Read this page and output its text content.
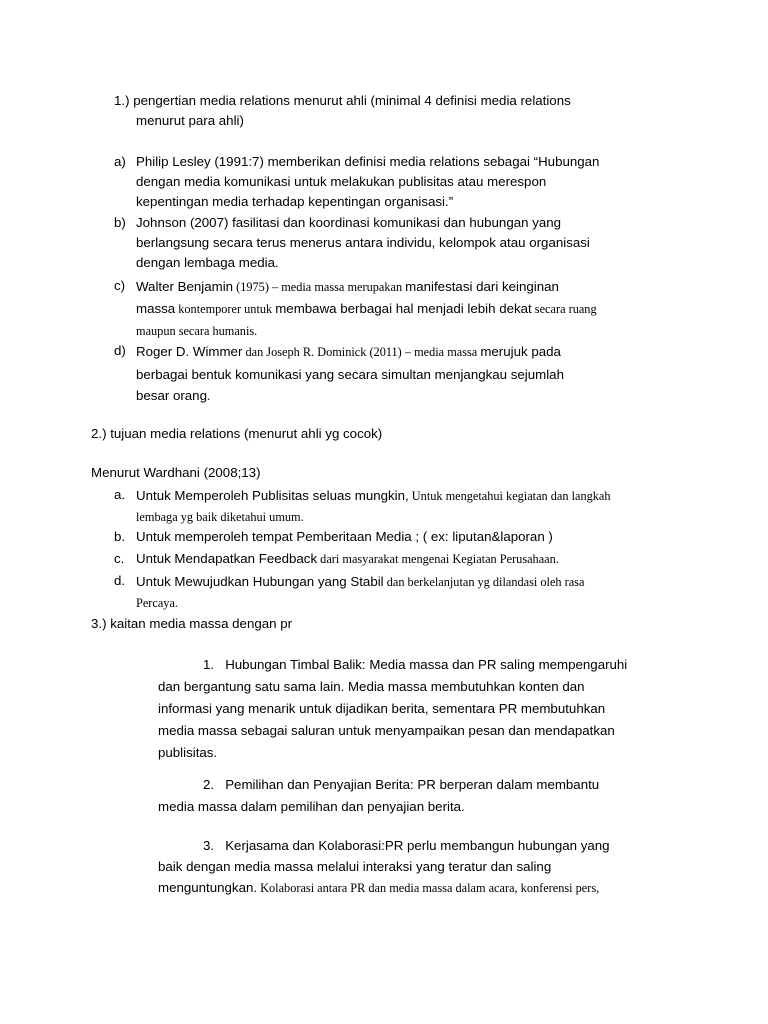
1.) pengertian media relations menurut ahli (minimal 4 definisi media relations

menurut para ahli)

a) Philip Lesley (1991:7) memberikan definisi media relations sebagai “Hubungan

dengan media komunikasi untuk melakukan publisitas atau merespon

kepentingan media terhadap kepentingan organisasi.”

b) Johnson (2007) fasilitasi dan koordinasi komunikasi dan hubungan yang

berlangsung secara terus menerus antara individu, kelompok atau organisasi

dengan lembaga media.

c) Walter Benjamin (1975) – media massa merupakan manifestasi dari keinginan

massa kontemporer untuk membawa berbagai hal menjadi lebih dekat secara ruang

maupun secara humanis.

d) Roger D. Wimmer dan Joseph R. Dominick (2011) – media massa merujuk pada

berbagai bentuk komunikasi yang secara simultan menjangkau sejumlah

besar orang.

2.) tujuan media relations (menurut ahli yg cocok)
Menurut Wardhani (2008;13)
a. Untuk Memperoleh Publisitas seluas mungkin, Untuk mengetahui kegiatan dan langkah

lembaga yg baik diketahui umum.

b. Untuk memperoleh tempat Pemberitaan Media ; ( ex: liputan&laporan )
c. Untuk Mendapatkan Feedback dari masyarakat mengenai Kegiatan Perusahaan.

d. Untuk Mewujudkan Hubungan yang Stabil dan berkelanjutan yg dilandasi oleh rasa

Percaya.

3.) kaitan media massa dengan pr

1. Hubungan Timbal Balik: Media massa dan PR saling mempengaruhi

dan bergantung satu sama lain. Media massa membutuhkan konten dan

informasi yang menarik untuk dijadikan berita, sementara PR membutuhkan

media massa sebagai saluran untuk menyampaikan pesan dan mendapatkan

publisitas.

2. Pemilihan dan Penyajian Berita: PR berperan dalam membantu

media massa dalam pemilihan dan penyajian berita.

3. Kerjasama dan Kolaborasi:PR perlu membangun hubungan yang

baik dengan media massa melalui interaksi yang teratur dan saling

menguntungkan. Kolaborasi antara PR dan media massa dalam acara, konferensi pers,
